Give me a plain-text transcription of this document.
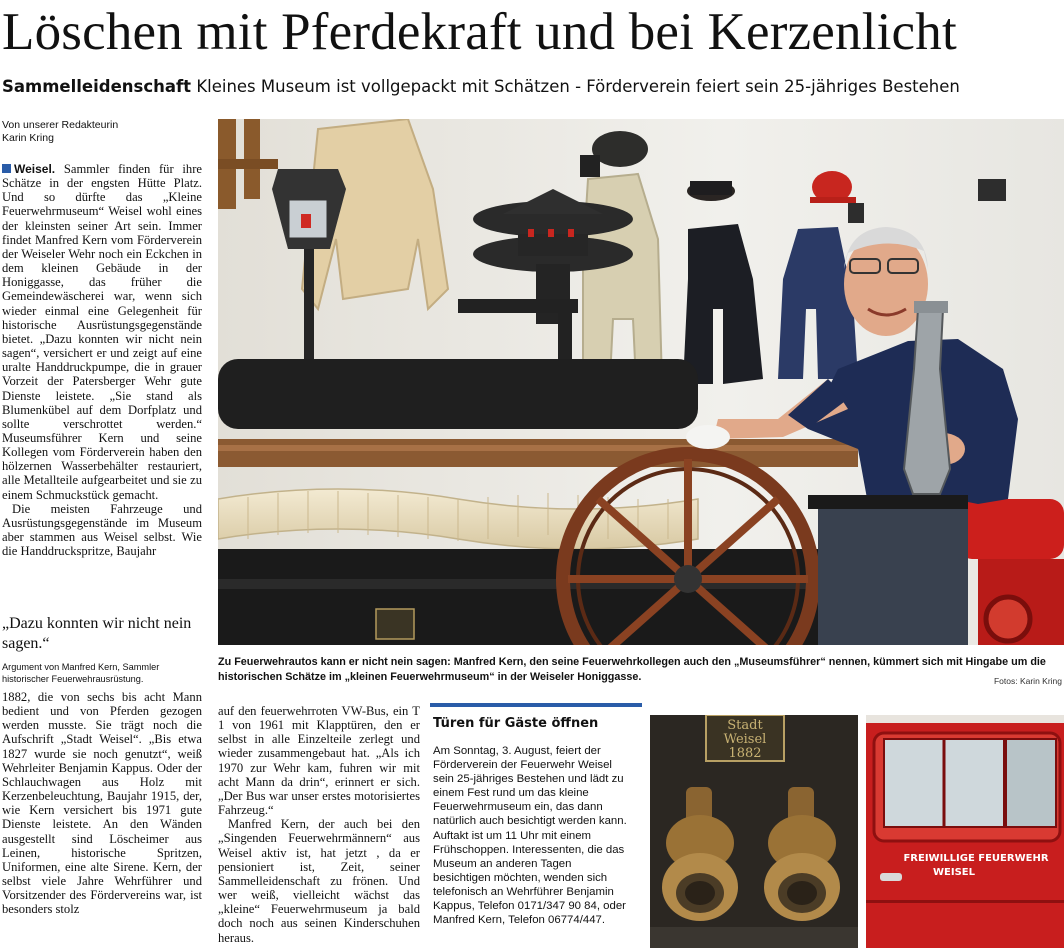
Löschen mit Pferdekraft und bei Kerzenlicht
Sammelleidenschaft Kleines Museum ist vollgepackt mit Schätzen - Förderverein feiert sein 25-jähriges Bestehen
Von unserer Redakteurin
Karin Kring

Weisel. Sammler finden für ihre Schätze in der engsten Hütte Platz. Und so dürfte das „Kleine Feuerwehrmuseum“ Weisel wohl eines der kleinsten seiner Art sein. Immer findet Manfred Kern vom Förderverein der Weiseler Wehr noch ein Eckchen in dem kleinen Gebäude in der Honiggasse, das früher die Gemeindewäscherei war, wenn sich wieder einmal eine Gelegenheit für historische Ausrüstungsgegenstände bietet. „Dazu konnten wir nicht nein sagen“, versichert er und zeigt auf eine uralte Handdruckpumpe, die in grauer Vorzeit der Patersberger Wehr gute Dienste leistete. „Sie stand als Blumenkübel auf dem Dorfplatz und sollte verschrottet werden.“ Museumsführer Kern und seine Kollegen vom Förderverein haben den hölzernen Wasserbehälter restauriert, alle Metallteile aufgearbeitet und sie zu einem Schmuckstück gemacht.

Die meisten Fahrzeuge und Ausrüstungsgegenstände im Museum aber stammen aus Weisel selbst. Wie die Handdruckspritze, Baujahr

„Dazu konnten wir nicht nein sagen.“
Argument von Manfred Kern, Sammler historischer Feuerwehrausrüstung.

1882, die von sechs bis acht Mann bedient und von Pferden gezogen werden musste. Sie trägt noch die Aufschrift „Stadt Weisel“. „Bis etwa 1827 wurde sie noch genutzt“, weiß Wehrleiter Benjamin Kappus. Oder der Schlauchwagen aus Holz mit Kerzenbeleuchtung, Baujahr 1915, der, wie Kern versichert bis 1971 gute Dienste leistete. An den Wänden ausgestellt sind Löscheimer aus Leinen, historische Spritzen, Uniformen, eine alte Sirene. Kern, der selbst viele Jahre Wehrführer und Vorsitzender des Fördervereins war, ist besonders stolz

auf den feuerwehrroten VW-Bus, ein T 1 von 1961 mit Klapptüren, den er selbst in alle Einzelteile zerlegt und wieder zusammengebaut hat. „Als ich 1970 zur Wehr kam, fuhren wir mit acht Mann da drin“, erinnert er sich. „Der Bus war unser erstes motorisiertes Fahrzeug.“

Manfred Kern, der auch bei den „Singenden Feuerwehrmännern“ aus Weisel aktiv ist, hat jetzt , da er pensioniert ist, Zeit, seiner Sammelleidenschaft zu frönen. Und wer weiß, vielleicht wächst das „kleine“ Feuerwehrmuseum ja bald doch noch aus seinen Kinderschuhen heraus.

Zu Feuerwehrautos kann er nicht nein sagen: Manfred Kern, den seine Feuerwehrkollegen auch den „Museumsführer“ nennen, kümmert sich mit Hingabe um die historischen Schätze im „kleinen Feuerwehrmuseum“ in der Weiseler Honiggasse.	Fotos: Karin Kring
Türen für Gäste öffnen
Am Sonntag, 3. August, feiert der Förderverein der Feuerwehr Weisel sein 25-jähriges Bestehen und lädt zu einem Fest rund um das kleine Feuerwehrmuseum ein, das dann natürlich auch besichtigt werden kann. Auftakt ist um 11 Uhr mit einem Frühschoppen. Interessenten, die das Museum an anderen Tagen besichtigen möchten, wenden sich telefonisch an Wehrführer Benjamin Kappus, Telefon 0171/347 90 84, oder Manfred Kern, Telefon 06774/447.
Stadt
Weisel
1882
FREIWILLIGE FEUERWEHR
WEISEL
